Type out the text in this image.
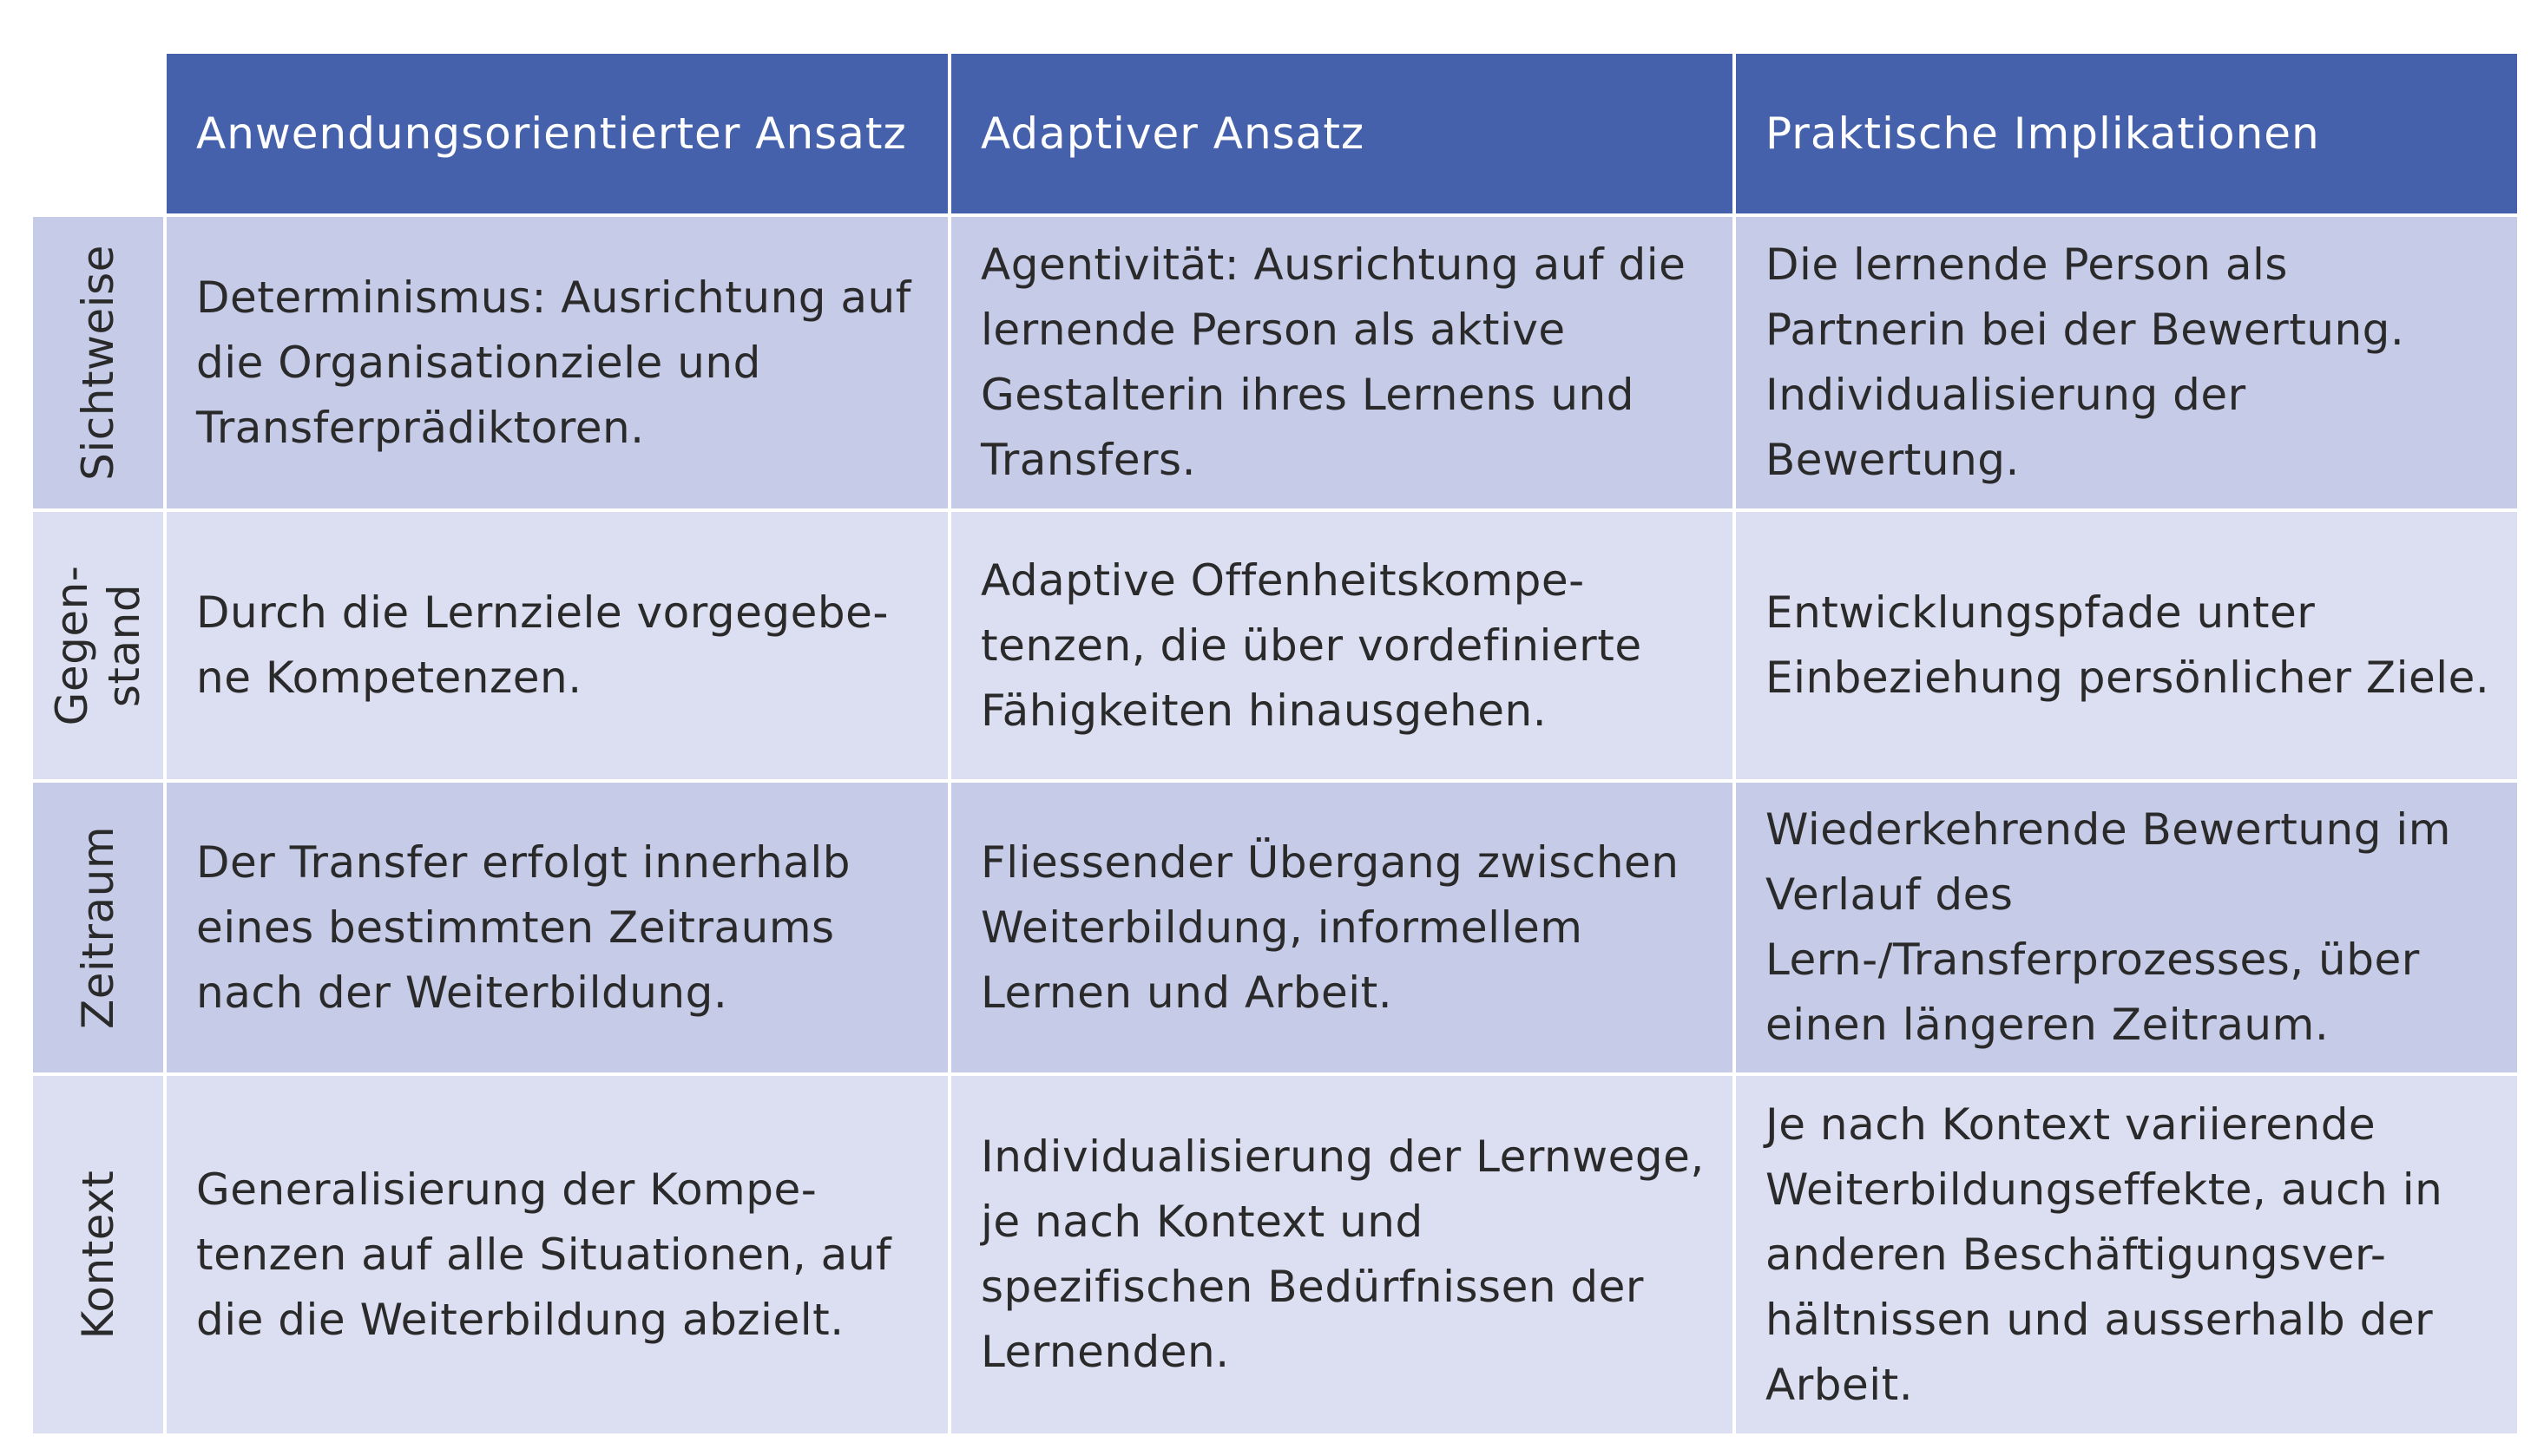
Anwendungsorientierter Ansatz	Adaptiver Ansatz	Praktische Implikationen
Sichtweise Determinismus: Ausrichtung auf die Organisationziele und Transferprädiktoren.
Agentivität: Ausrichtung auf die lernende Person als aktive Gestalterin ihres Lernens und Transfers.
Die lernende Person als Partnerin bei der Bewertung. Individualisierung der Bewertung.
Gegen- stand Durch die Lernziele vorgegebe-ne Kompetenzen.
Adaptive Offenheitskompe-tenzen, die über vordefinierte Fähigkeiten hinausgehen.
Entwicklungspfade unter Einbeziehung persönlicher Ziele.
Zeitraum Der Transfer erfolgt innerhalb eines bestimmten Zeitraums nach der Weiterbildung.
Fliessender Übergang zwischen Weiterbildung, informellem Lernen und Arbeit.
Wiederkehrende Bewertung im Verlauf des Lern-/Transferprozesses, über einen längeren Zeitraum.
Kontext Generalisierung der Kompe-tenzen auf alle Situationen, auf die die Weiterbildung abzielt.
Individualisierung der Lernwege, je nach Kontext und spezifischen Bedürfnissen der Lernenden.
Je nach Kontext variierende Weiterbildungseffekte, auch in anderen Beschäftigungsver-hältnissen und ausserhalb der Arbeit.
